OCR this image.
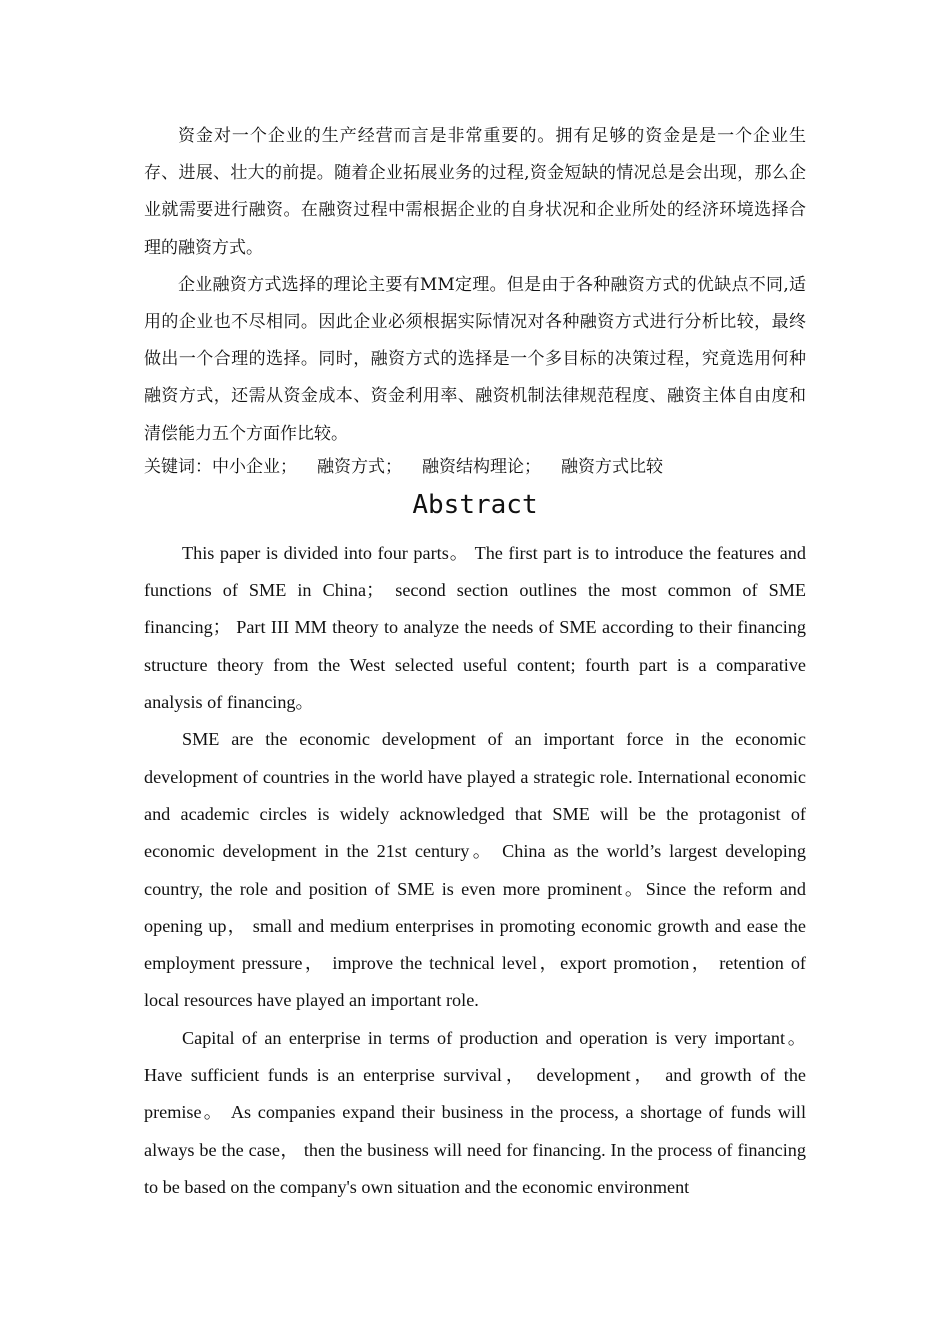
资金对一个企业的生产经营而言是非常重要的。拥有足够的资金是是一个企业生存、进展、壮大的前提。随着企业拓展业务的过程,资金短缺的情况总是会出现，那么企业就需要进行融资。在融资过程中需根据企业的自身状况和企业所处的经济环境选择合理的融资方式。

企业融资方式选择的理论主要有MM定理。但是由于各种融资方式的优缺点不同,适用的企业也不尽相同。因此企业必须根据实际情况对各种融资方式进行分析比较，最终做出一个合理的选择。同时，融资方式的选择是一个多目标的决策过程，究竟选用何种融资方式，还需从资金成本、资金利用率、融资机制法律规范程度、融资主体自由度和清偿能力五个方面作比较。

关键词：中小企业； 融资方式； 融资结构理论； 融资方式比较

Abstract

This paper is divided into four parts。 The first part is to introduce the features and functions of SME in China； second section outlines the most common of SME financing； Part III MM theory to analyze the needs of SME according to their financing structure theory from the West selected useful content; fourth part is a comparative analysis of financing。

SME are the economic development of an important force in the economic development of countries in the world have played a strategic role. International economic and academic circles is widely acknowledged that SME will be the protagonist of economic development in the 21st century。 China as the world’s largest developing country, the role and position of SME is even more prominent。Since the reform and opening up， small and medium enterprises in promoting economic growth and ease the employment pressure， improve the technical level，export promotion， retention of local resources have played an important role.

Capital of an enterprise in terms of production and operation is very important。Have sufficient funds is an enterprise survival， development， and growth of the premise。 As companies expand their business in the process, a shortage of funds will always be the case， then the business will need for financing. In the process of financing to be based on the company's own situation and the economic environment
